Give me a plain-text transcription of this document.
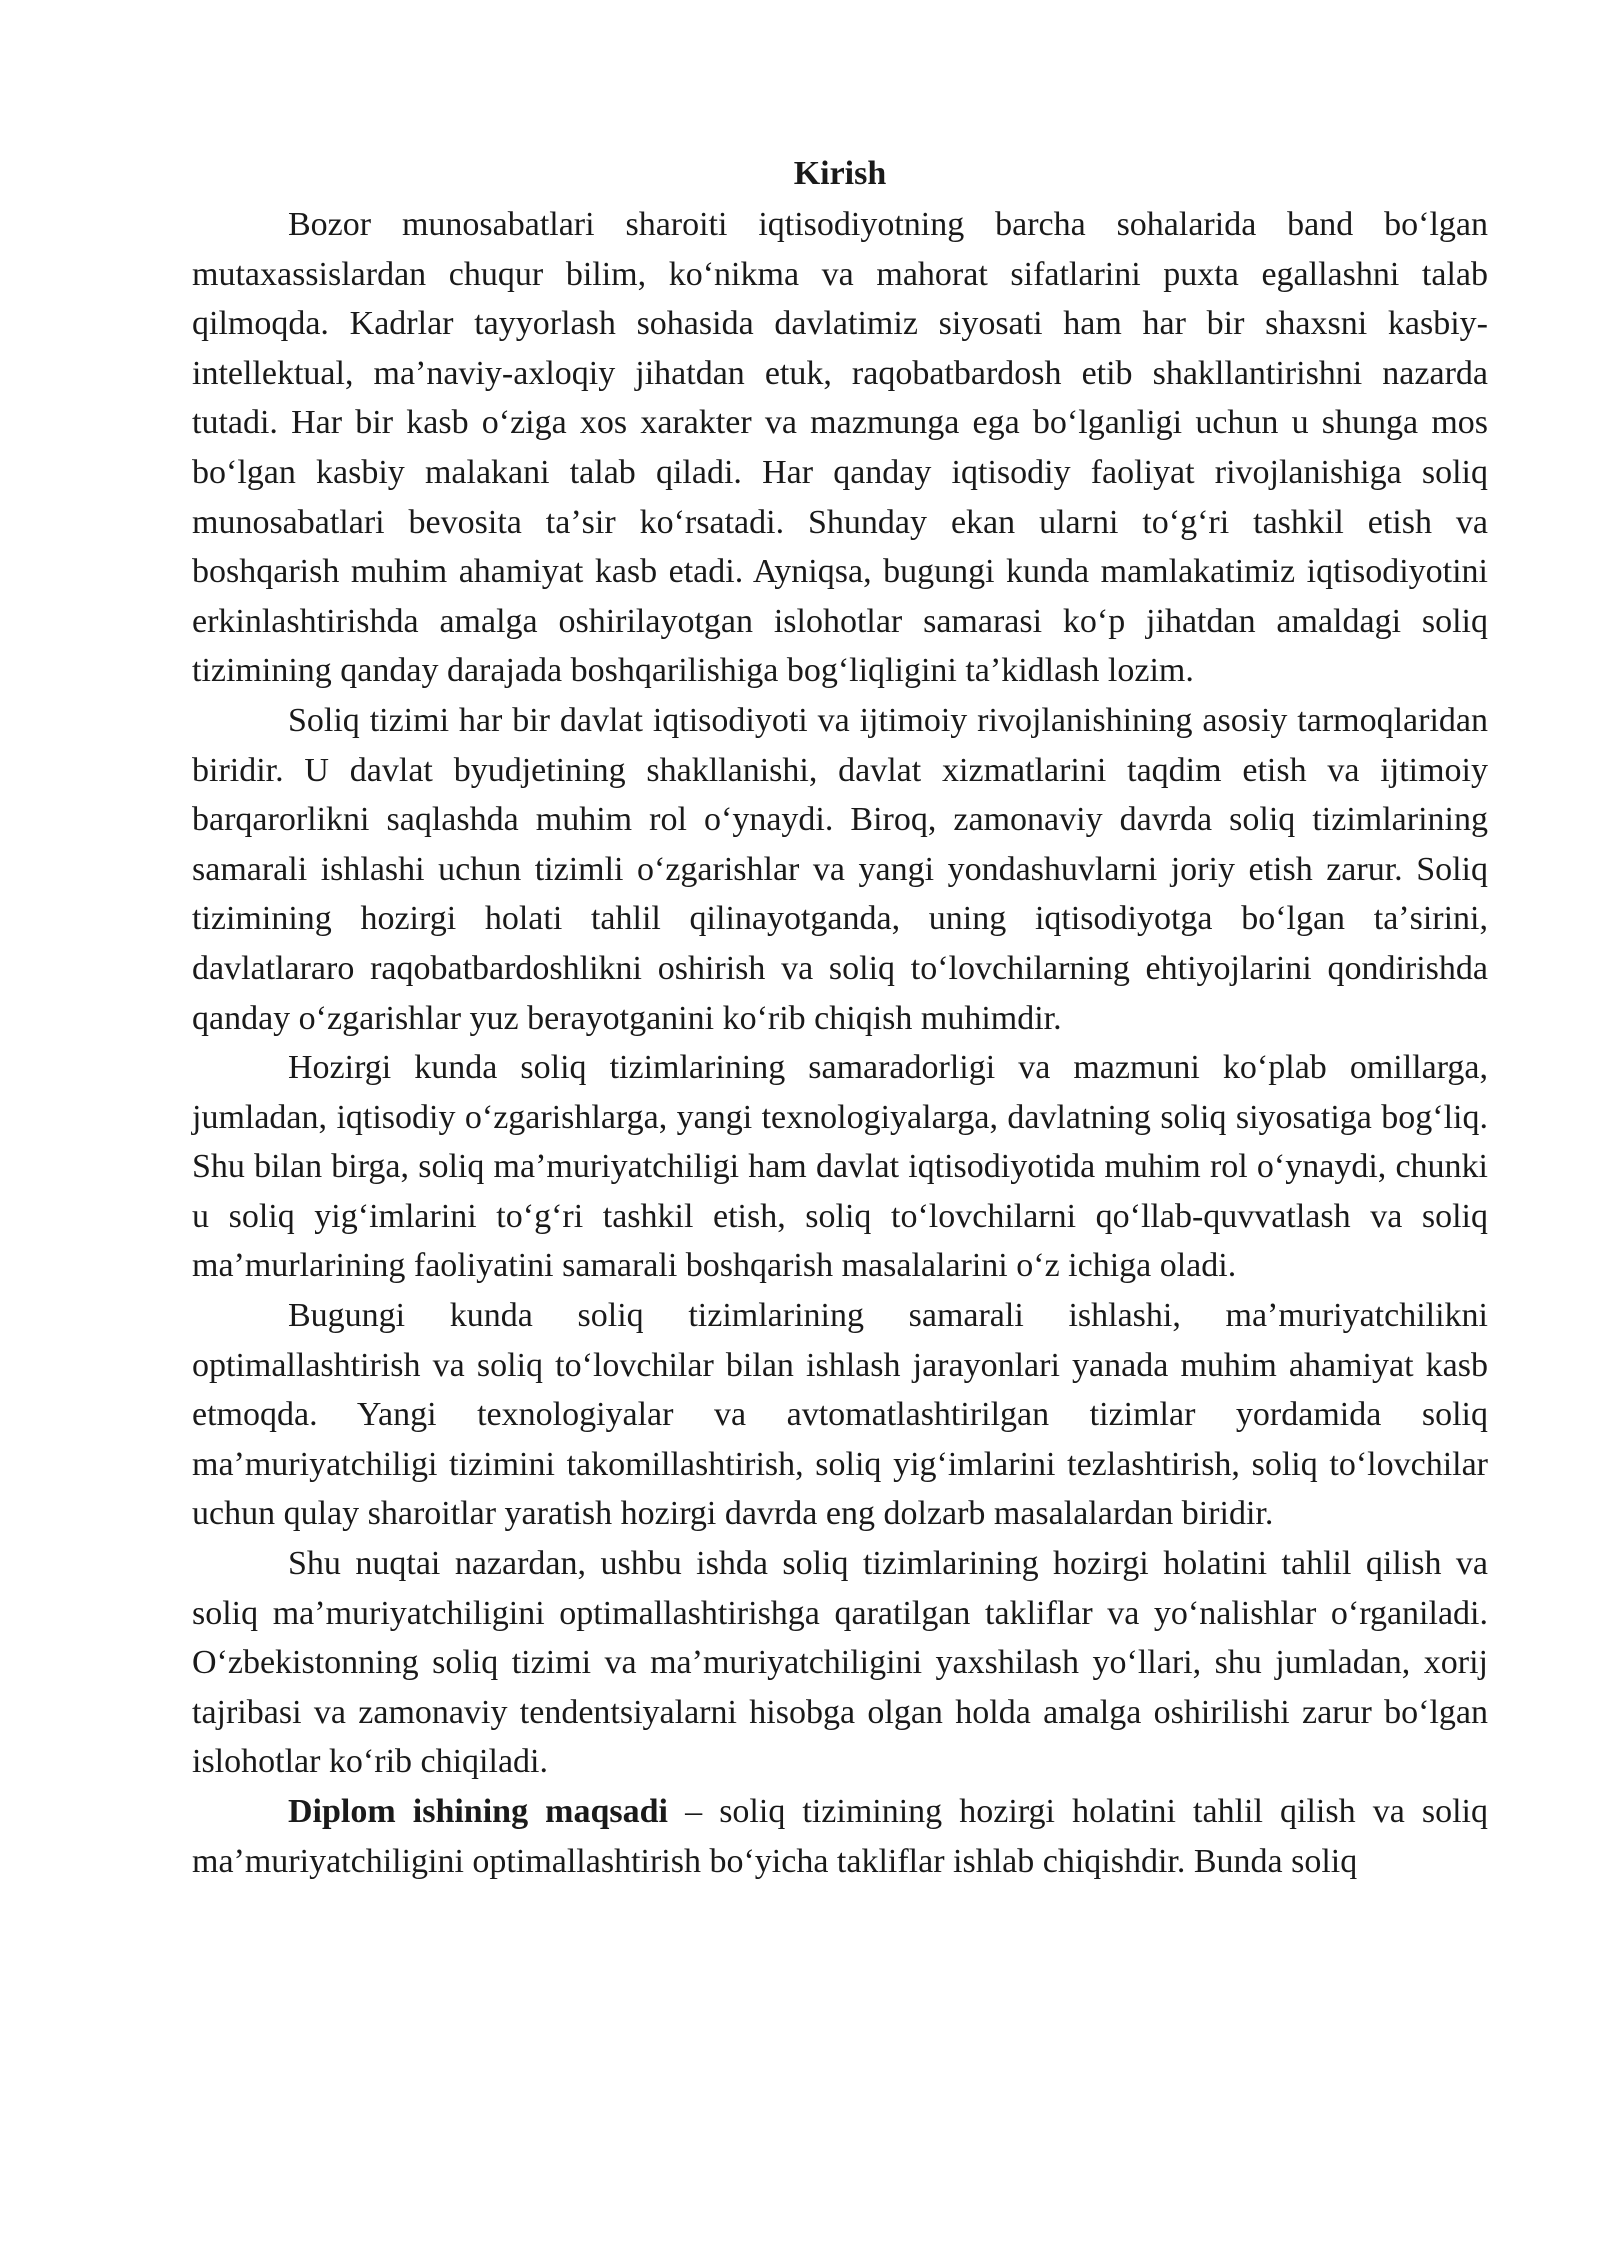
Kirish

Bozor munosabatlari sharoiti iqtisodiyotning barcha sohalarida band boʻlgan mutaxassislardan chuqur bilim, koʻnikma va mahorat sifatlarini puxta egallashni talab qilmoqda. Kadrlar tayyorlash sohasida davlatimiz siyosati ham har bir shaxsni kasbiy-intellektual, maʼnaviy-axloqiy jihatdan etuk, raqobatbardosh etib shakllantirishni nazarda tutadi. Har bir kasb oʻziga xos xarakter va mazmunga ega boʻlganligi uchun u shunga mos boʻlgan kasbiy malakani talab qiladi. Har qanday iqtisodiy faoliyat rivojlanishiga soliq munosabatlari bevosita taʼsir koʻrsatadi. Shunday ekan ularni toʻgʻri tashkil etish va boshqarish muhim ahamiyat kasb etadi. Ayniqsa, bugungi kunda mamlakatimiz iqtisodiyotini erkinlashtirishda amalga oshirilayotgan islohotlar samarasi koʻp jihatdan amaldagi soliq tizimining qanday darajada boshqarilishiga bogʻliqligini taʼkidlash lozim.

Soliq tizimi har bir davlat iqtisodiyoti va ijtimoiy rivojlanishining asosiy tarmoqlaridan biridir. U davlat byudjetining shakllanishi, davlat xizmatlarini taqdim etish va ijtimoiy barqarorlikni saqlashda muhim rol oʻynaydi. Biroq, zamonaviy davrda soliq tizimlarining samarali ishlashi uchun tizimli oʻzgarishlar va yangi yondashuvlarni joriy etish zarur. Soliq tizimining hozirgi holati tahlil qilinayotganda, uning iqtisodiyotga boʻlgan taʼsirini, davlatlararo raqobatbardoshlikni oshirish va soliq toʻlovchilarning ehtiyojlarini qondirishda qanday oʻzgarishlar yuz berayotganini koʻrib chiqish muhimdir.

Hozirgi kunda soliq tizimlarining samaradorligi va mazmuni koʻplab omillarga, jumladan, iqtisodiy oʻzgarishlarga, yangi texnologiyalarga, davlatning soliq siyosatiga bogʻliq. Shu bilan birga, soliq maʼmuriyatchiligi ham davlat iqtisodiyotida muhim rol oʻynaydi, chunki u soliq yigʻimlarini toʻgʻri tashkil etish, soliq toʻlovchilarni qoʻllab-quvvatlash va soliq maʼmurlarining faoliyatini samarali boshqarish masalalarini oʻz ichiga oladi.

Bugungi kunda soliq tizimlarining samarali ishlashi, maʼmuriyatchilikni optimallashtirish va soliq toʻlovchilar bilan ishlash jarayonlari yanada muhim ahamiyat kasb etmoqda. Yangi texnologiyalar va avtomatlashtirilgan tizimlar yordamida soliq maʼmuriyatchiligi tizimini takomillashtirish, soliq yigʻimlarini tezlashtirish, soliq toʻlovchilar uchun qulay sharoitlar yaratish hozirgi davrda eng dolzarb masalalardan biridir.

Shu nuqtai nazardan, ushbu ishda soliq tizimlarining hozirgi holatini tahlil qilish va soliq maʼmuriyatchiligini optimallashtirishga qaratilgan takliflar va yoʻnalishlar oʻrganiladi. Oʻzbekistonning soliq tizimi va maʼmuriyatchiligini yaxshilash yoʻllari, shu jumladan, xorij tajribasi va zamonaviy tendentsiyalarni hisobga olgan holda amalga oshirilishi zarur boʻlgan islohotlar koʻrib chiqiladi.

Diplom ishining maqsadi – soliq tizimining hozirgi holatini tahlil qilish va soliq maʼmuriyatchiligini optimallashtirish boʻyicha takliflar ishlab chiqishdir. Bunda soliq
